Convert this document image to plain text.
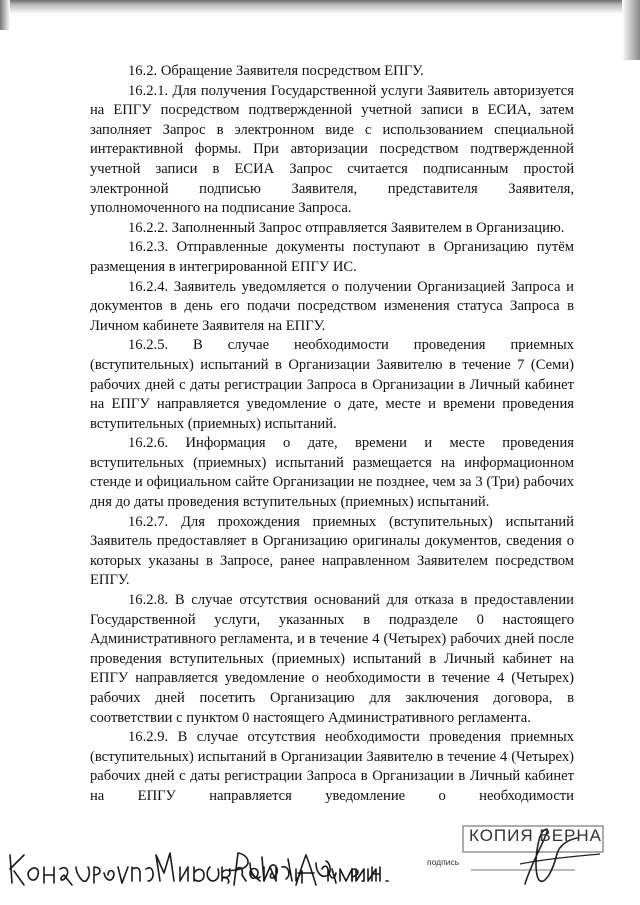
16.2. Обращение Заявителя посредством ЕПГУ.

16.2.1. Для получения Государственной услуги Заявитель авторизуется на ЕПГУ посредством подтвержденной учетной записи в ЕСИА, затем заполняет Запрос в электронном виде с использованием специальной интерактивной формы. При авторизации посредством подтвержденной учетной записи в ЕСИА Запрос считается подписанным простой электронной подписью Заявителя, представителя Заявителя, уполномоченного на подписание Запроса.

16.2.2. Заполненный Запрос отправляется Заявителем в Организацию.

16.2.3. Отправленные документы поступают в Организацию путём размещения в интегрированной ЕПГУ ИС.

16.2.4. Заявитель уведомляется о получении Организацией Запроса и документов в день его подачи посредством изменения статуса Запроса в Личном кабинете Заявителя на ЕПГУ.

16.2.5. В случае необходимости проведения приемных (вступительных) испытаний в Организации Заявителю в течение 7 (Семи) рабочих дней с даты регистрации Запроса в Организации в Личный кабинет на ЕПГУ направляется уведомление о дате, месте и времени проведения вступительных (приемных) испытаний.

16.2.6. Информация о дате, времени и месте проведения вступительных (приемных) испытаний размещается на информационном стенде и официальном сайте Организации не позднее, чем за 3 (Три) рабочих дня до даты проведения вступительных (приемных) испытаний.

16.2.7. Для прохождения приемных (вступительных) испытаний Заявитель предоставляет в Организацию оригиналы документов, сведения о которых указаны в Запросе, ранее направленном Заявителем посредством ЕПГУ.

16.2.8. В случае отсутствия оснований для отказа в предоставлении Государственной услуги, указанных в подразделе 0 настоящего Административного регламента, и в течение 4 (Четырех) рабочих дней после проведения вступительных (приемных) испытаний в Личный кабинет на ЕПГУ направляется уведомление о необходимости в течение 4 (Четырех) рабочих дней посетить Организацию для заключения договора, в соответствии с пунктом 0 настоящего Административного регламента.

16.2.9. В случае отсутствия необходимости проведения приемных (вступительных) испытаний в Организации Заявителю в течение 4 (Четырех) рабочих дней с даты регистрации Запроса в Организации в Личный кабинет на ЕПГУ направляется уведомление о необходимости

КОПИЯ ВЕРНА
подпись
